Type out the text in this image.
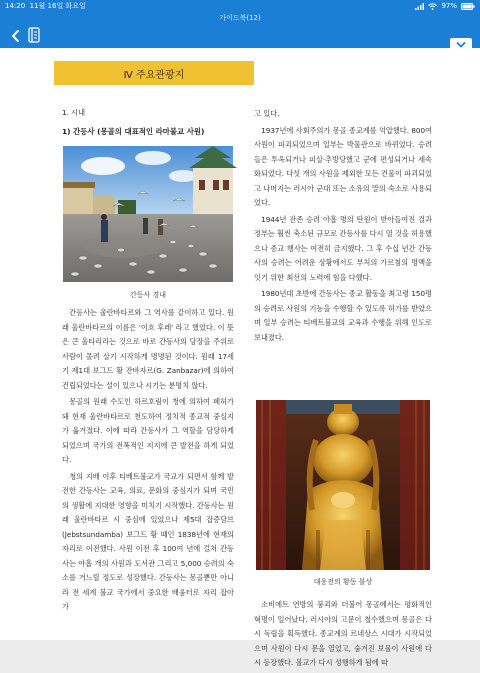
14:20 11월 16일 화요일	97%
가이드북(12)
Ⅳ 주요관광지
1. 시내
1) 간등사 (몽골의 대표적인 라마불교 사원)
간등사 경내

간등사는 울란바타르와 그 역사를 같이하고 있다. 원래 울란바타르의 이름은 '이흐 후레' 라고 했었다. 이 뜻은 큰 울타리라는 것으로 바로 간등사의 담장을 주위로 사람이 몰려 살기 시작하게 명명된 것이다. 원래 17세기 제1대 보그드 황 잔바자르(G. Zanbazar)에 의하여 건립되었다는 설이 있으나 시기는 분명치 않다.

몽골의 원래 수도인 하르호림이 청에 의하여 폐허가 돼 현재 울란바타르로 천도하여 정치적 종교적 중심지가 옮겨졌다. 이에 따라 간등사가 그 역할을 담당하게 되었으며 국가의 전폭적인 지지에 큰 발전을 하게 되었다.

청의 지배 이후 티베트불교가 국교가 되면서 함께 발전한 간등사는 교육, 의료, 문화의 중심지가 되며 국민의 생활에 지대한 영향을 미치기 시작했다. 간등사는 원래 울란바타르 시 중심에 있었으나 제5대 잡증담브 (Jebstsundamba) 보그드 황 때인 1838년에 현재의 자리로 이전했다. 사원 이전 후 100여 년에 걸쳐 간등사는 아홉 개의 사원과 도서관 그리고 5,000 승려의 숙소를 거느릴 정도로 성장했다. 간등사는 몽골뿐만 아니라 전 세계 불교 국가에서 중요한 배움터로 자리 잡아 가

고 있다.

1937년에 사회주의가 몽골 종교계를 억압했다. 800여 사원이 파괴되었으며 일부는 박물관으로 바뀌었다. 승려들은 투옥되거나 피살·추방당했고 군에 편성되거나 세속화되었다. 다섯 개의 사원을 제외한 모든 건물이 파괴되었고 나머지는 러시아 군대 또는 소유의 말의 숙소로 사용되었다.

1944년 잔존 승려 아홉 명의 탄원이 받아들여진 결과 정부는 훨씬 축소된 규모로 간등사를 다시 열 것을 허용했으나 종교 행사는 여전히 금지했다. 그 후 수십 년간 간등사의 승려는 어려운 상황에서도 부처의 가르침의 명맥을 잇기 위한 최선의 노력에 힘을 다했다.

1980년대 초반에 간등사는 종교 활동을 최고령 150명의 승려로 사원의 기능을 수행할 수 있도록 허가를 받았으며 일부 승려는 티베트불교의 교육과 수행을 위해 인도로 보내졌다.

대웅전의 황동 불상

소비에트 연방의 붕괴와 더불어 몽골에서는 평화적인 혁명이 일어났다. 러시아의 고문이 철수했으며 몽골은 다시 독립을 획득했다. 종교계의 르네상스 시대가 시작되었으며 사원이 다시 문을 열었고, 숨겨진 보물이 사원에 다시 등장했다. 불교가 다시 성행하게 됨에 따
